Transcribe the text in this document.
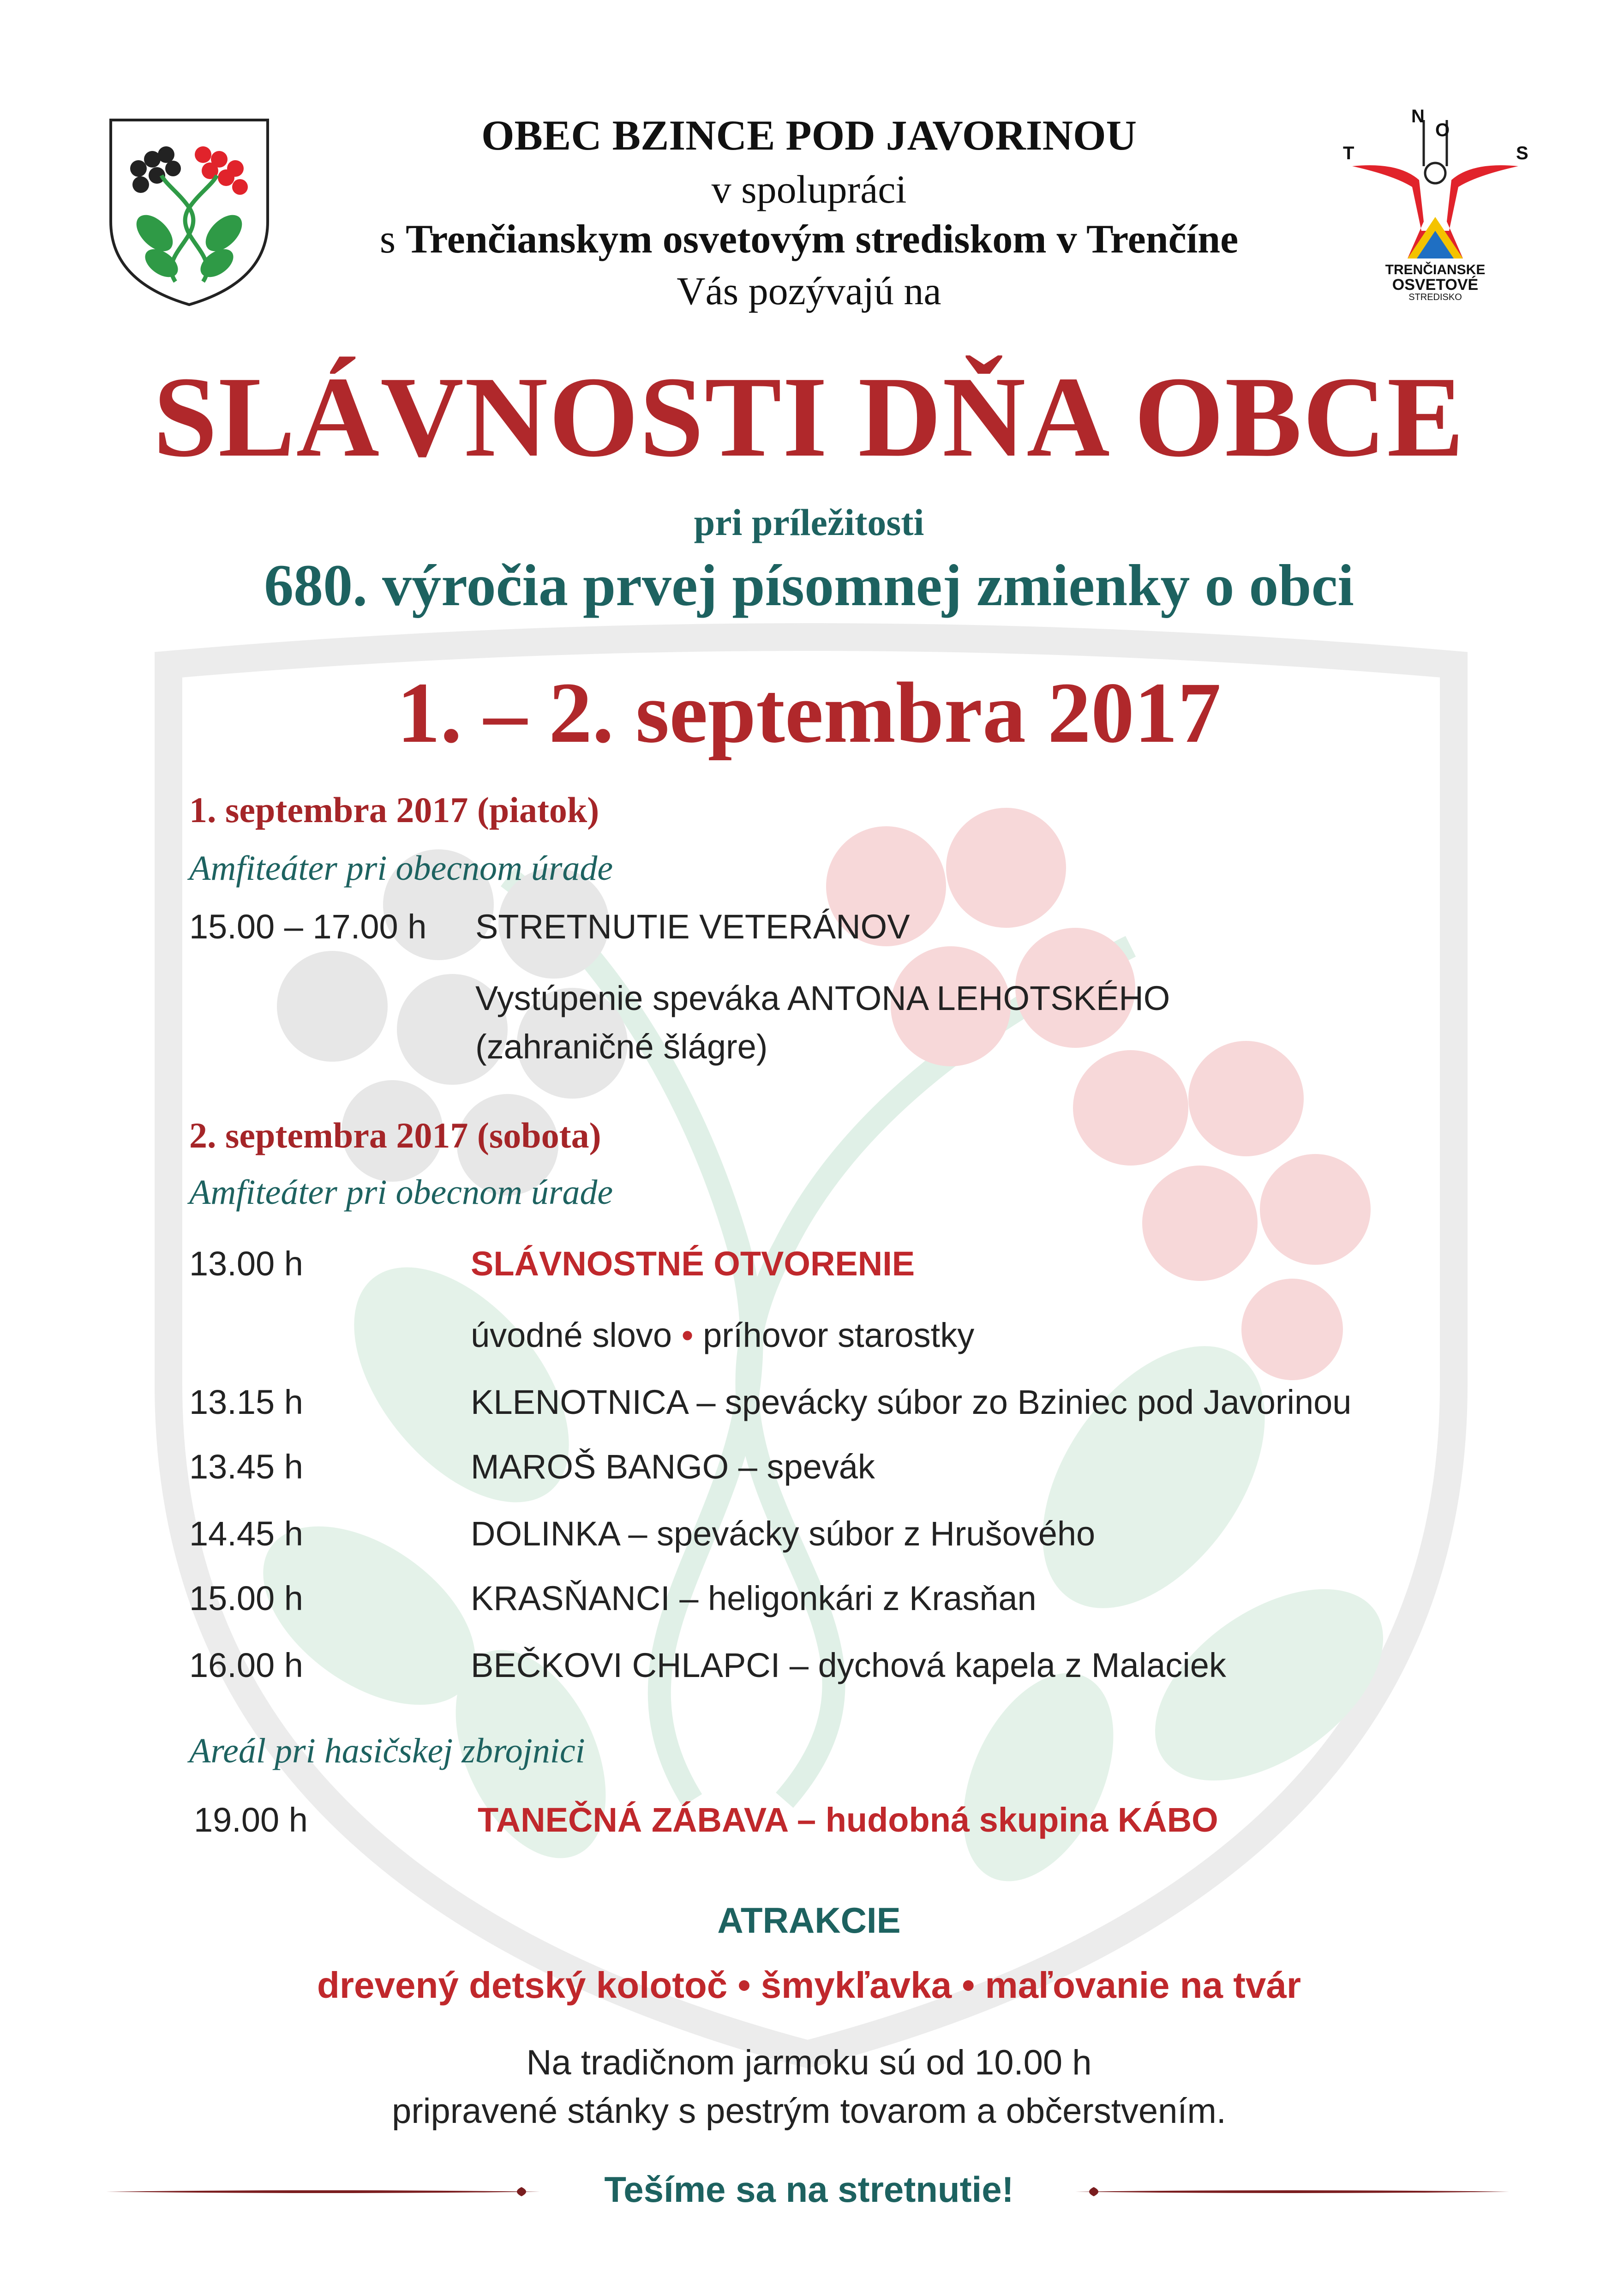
T
N
O
S
TRENČIANSKE
OSVETOVÉ
STREDISKO
OBEC BZINCE POD JAVORINOU
v spolupráci
s Trenčianskym osvetovým strediskom v Trenčíne
Vás pozývajú na
SLÁVNOSTI DŇA OBCE
pri príležitosti
680. výročia prvej písomnej zmienky o obci
1. – 2. septembra 2017
1. septembra 2017 (piatok)
Amfiteáter pri obecnom úrade
15.00 – 17.00 h STRETNUTIE VETERÁNOV
Vystúpenie speváka ANTONA LEHOTSKÉHO
(zahraničné šlágre)
2. septembra 2017 (sobota)
Amfiteáter pri obecnom úrade
13.00 h	SLÁVNOSTNÉ OTVORENIE
úvodné slovo • príhovor starostky
13.15 h	KLENOTNICA – spevácky súbor zo Bziniec pod Javorinou
13.45 h	MAROŠ BANGO – spevák
14.45 h	DOLINKA – spevácky súbor z Hrušového
15.00 h	KRASŇANCI – heligonkári z Krasňan
16.00 h	BEČKOVI CHLAPCI – dychová kapela z Malaciek
Areál pri hasičskej zbrojnici
19.00 h	TANEČNÁ ZÁBAVA – hudobná skupina KÁBO
ATRAKCIE
drevený detský kolotoč • šmykľavka • maľovanie na tvár
Na tradičnom jarmoku sú od 10.00 h
pripravené stánky s pestrým tovarom a občerstvením.
Tešíme sa na stretnutie!
